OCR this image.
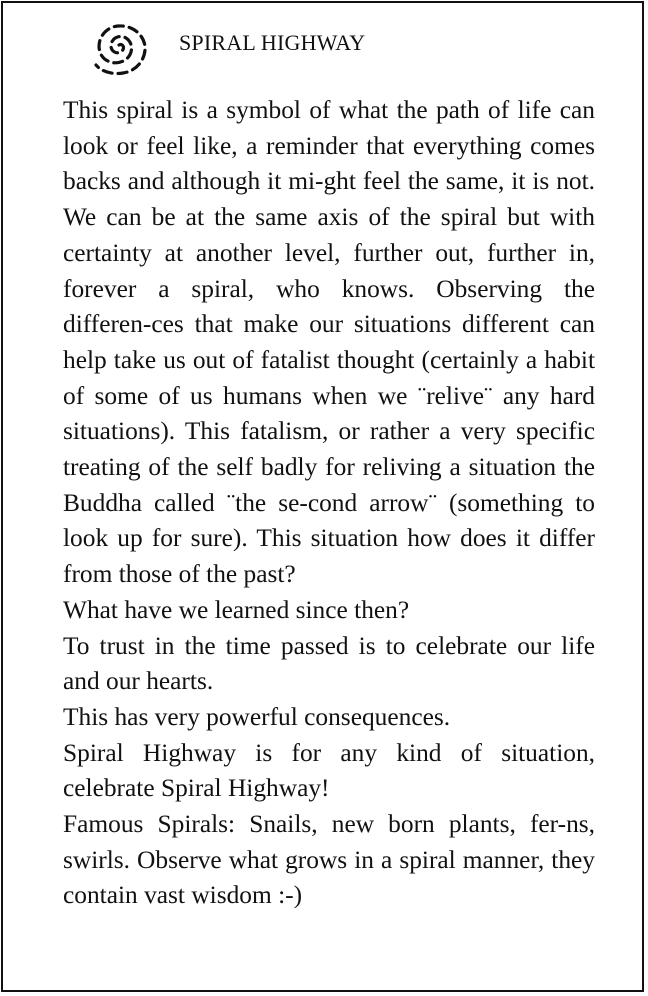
SPIRAL HIGHWAY

This spiral is a symbol of what the path of life can look or feel like, a reminder that everything comes backs and although it mi-ght feel the same, it is not. We can be at the same axis of the spiral but with certainty at another level, further out, further in, forever a spiral, who knows. Observing the differen-ces that make our situations different can help take us out of fatalist thought (certainly a habit of some of us humans when we ¨relive¨ any hard situations). This fatalism, or rather a very specific treating of the self badly for reliving a situation the Buddha called ¨the se-cond arrow¨ (something to look up for sure). This situation how does it differ from those of the past?

What have we learned since then?

To trust in the time passed is to celebrate our life and our hearts.

This has very powerful consequences.

Spiral Highway is for any kind of situation, celebrate Spiral Highway!

Famous Spirals: Snails, new born plants, fer-ns, swirls. Observe what grows in a spiral manner, they contain vast wisdom :-)
